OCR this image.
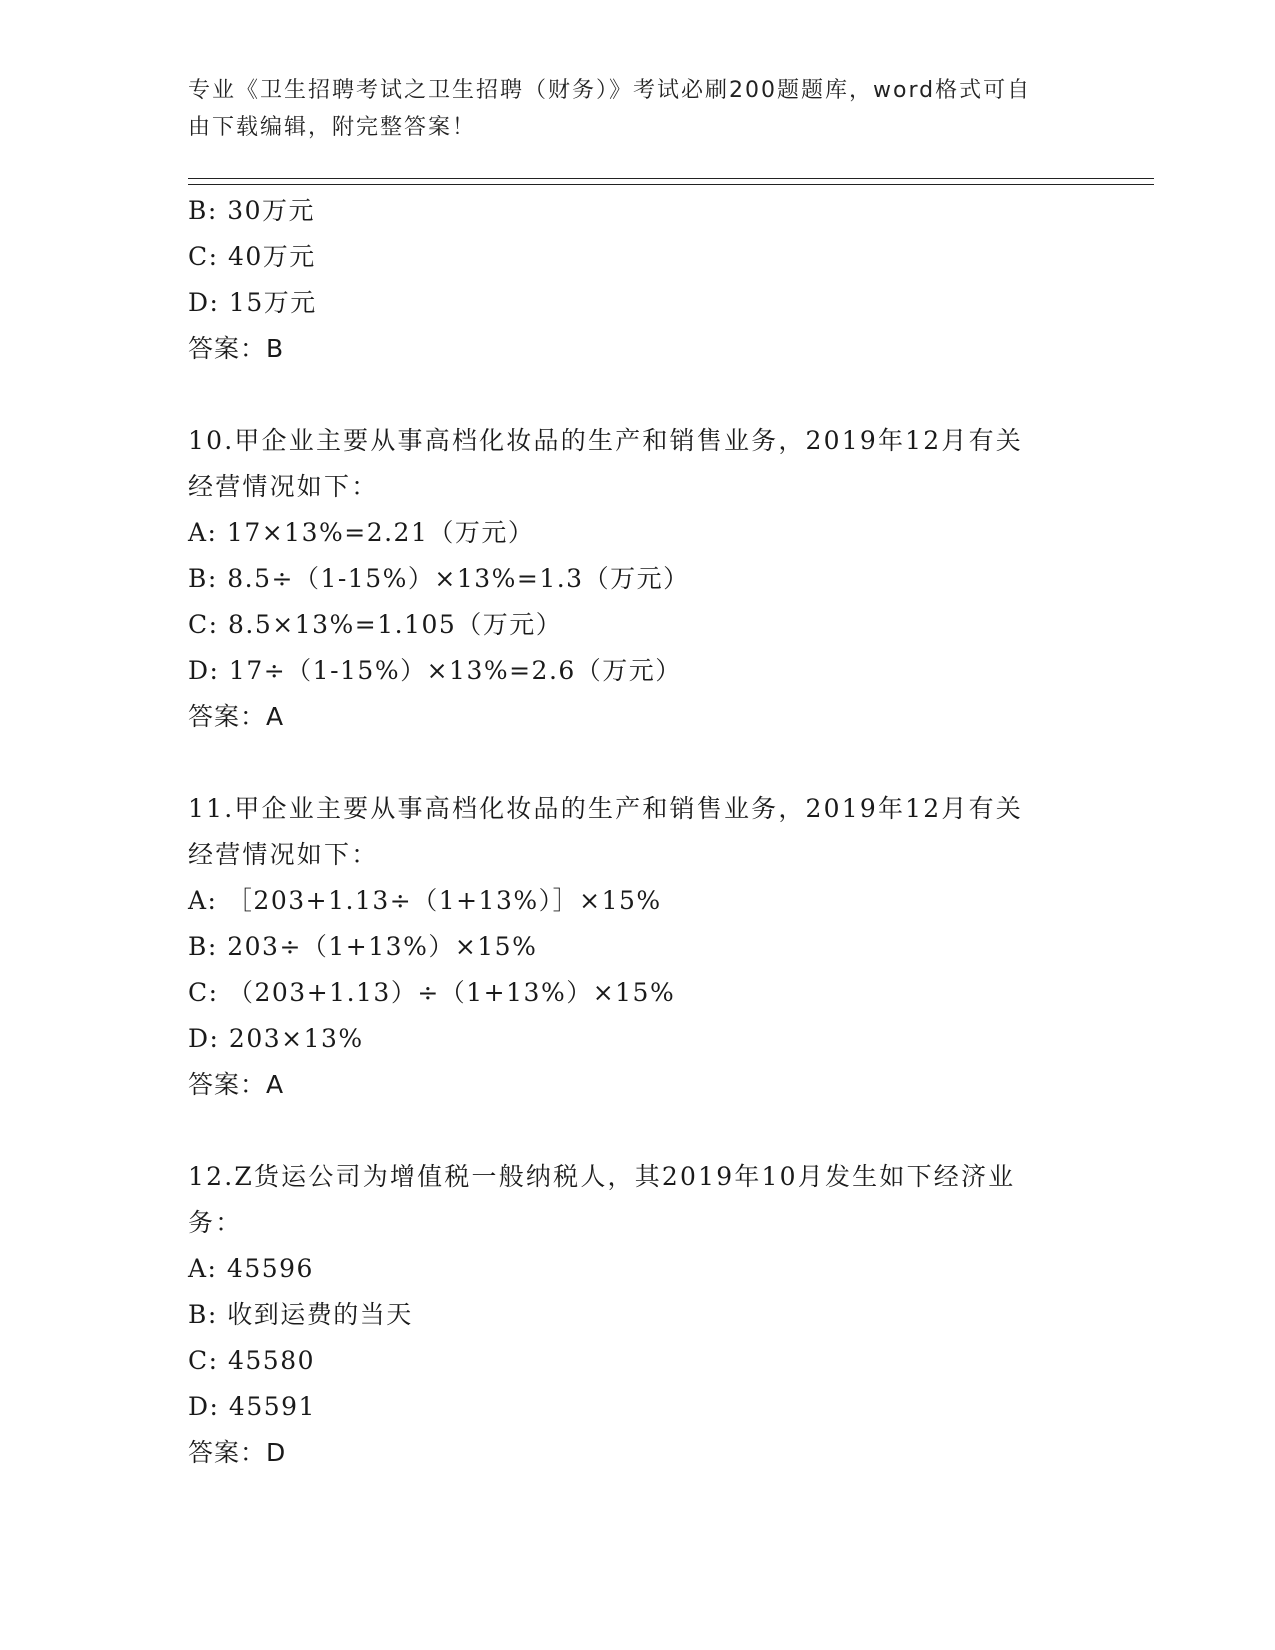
专业《卫生招聘考试之卫生招聘（财务）》考试必刷200题题库，word格式可自
由下载编辑，附完整答案！
B: 30万元
C: 40万元
D: 15万元
答案：B
10.甲企业主要从事高档化妆品的生产和销售业务，2019年12月有关
经营情况如下：
A: 17×13%=2.21（万元）
B: 8.5÷（1-15%）×13%=1.3（万元）
C: 8.5×13%=1.105（万元）
D: 17÷（1-15%）×13%=2.6（万元）
答案：A
11.甲企业主要从事高档化妆品的生产和销售业务，2019年12月有关
经营情况如下：
A: ［203+1.13÷（1+13%）］×15%
B: 203÷（1+13%）×15%
C: （203+1.13）÷（1+13%）×15%
D: 203×13%
答案：A
12.Z货运公司为增值税一般纳税人，其2019年10月发生如下经济业
务：
A: 45596
B: 收到运费的当天
C: 45580
D: 45591
答案：D
